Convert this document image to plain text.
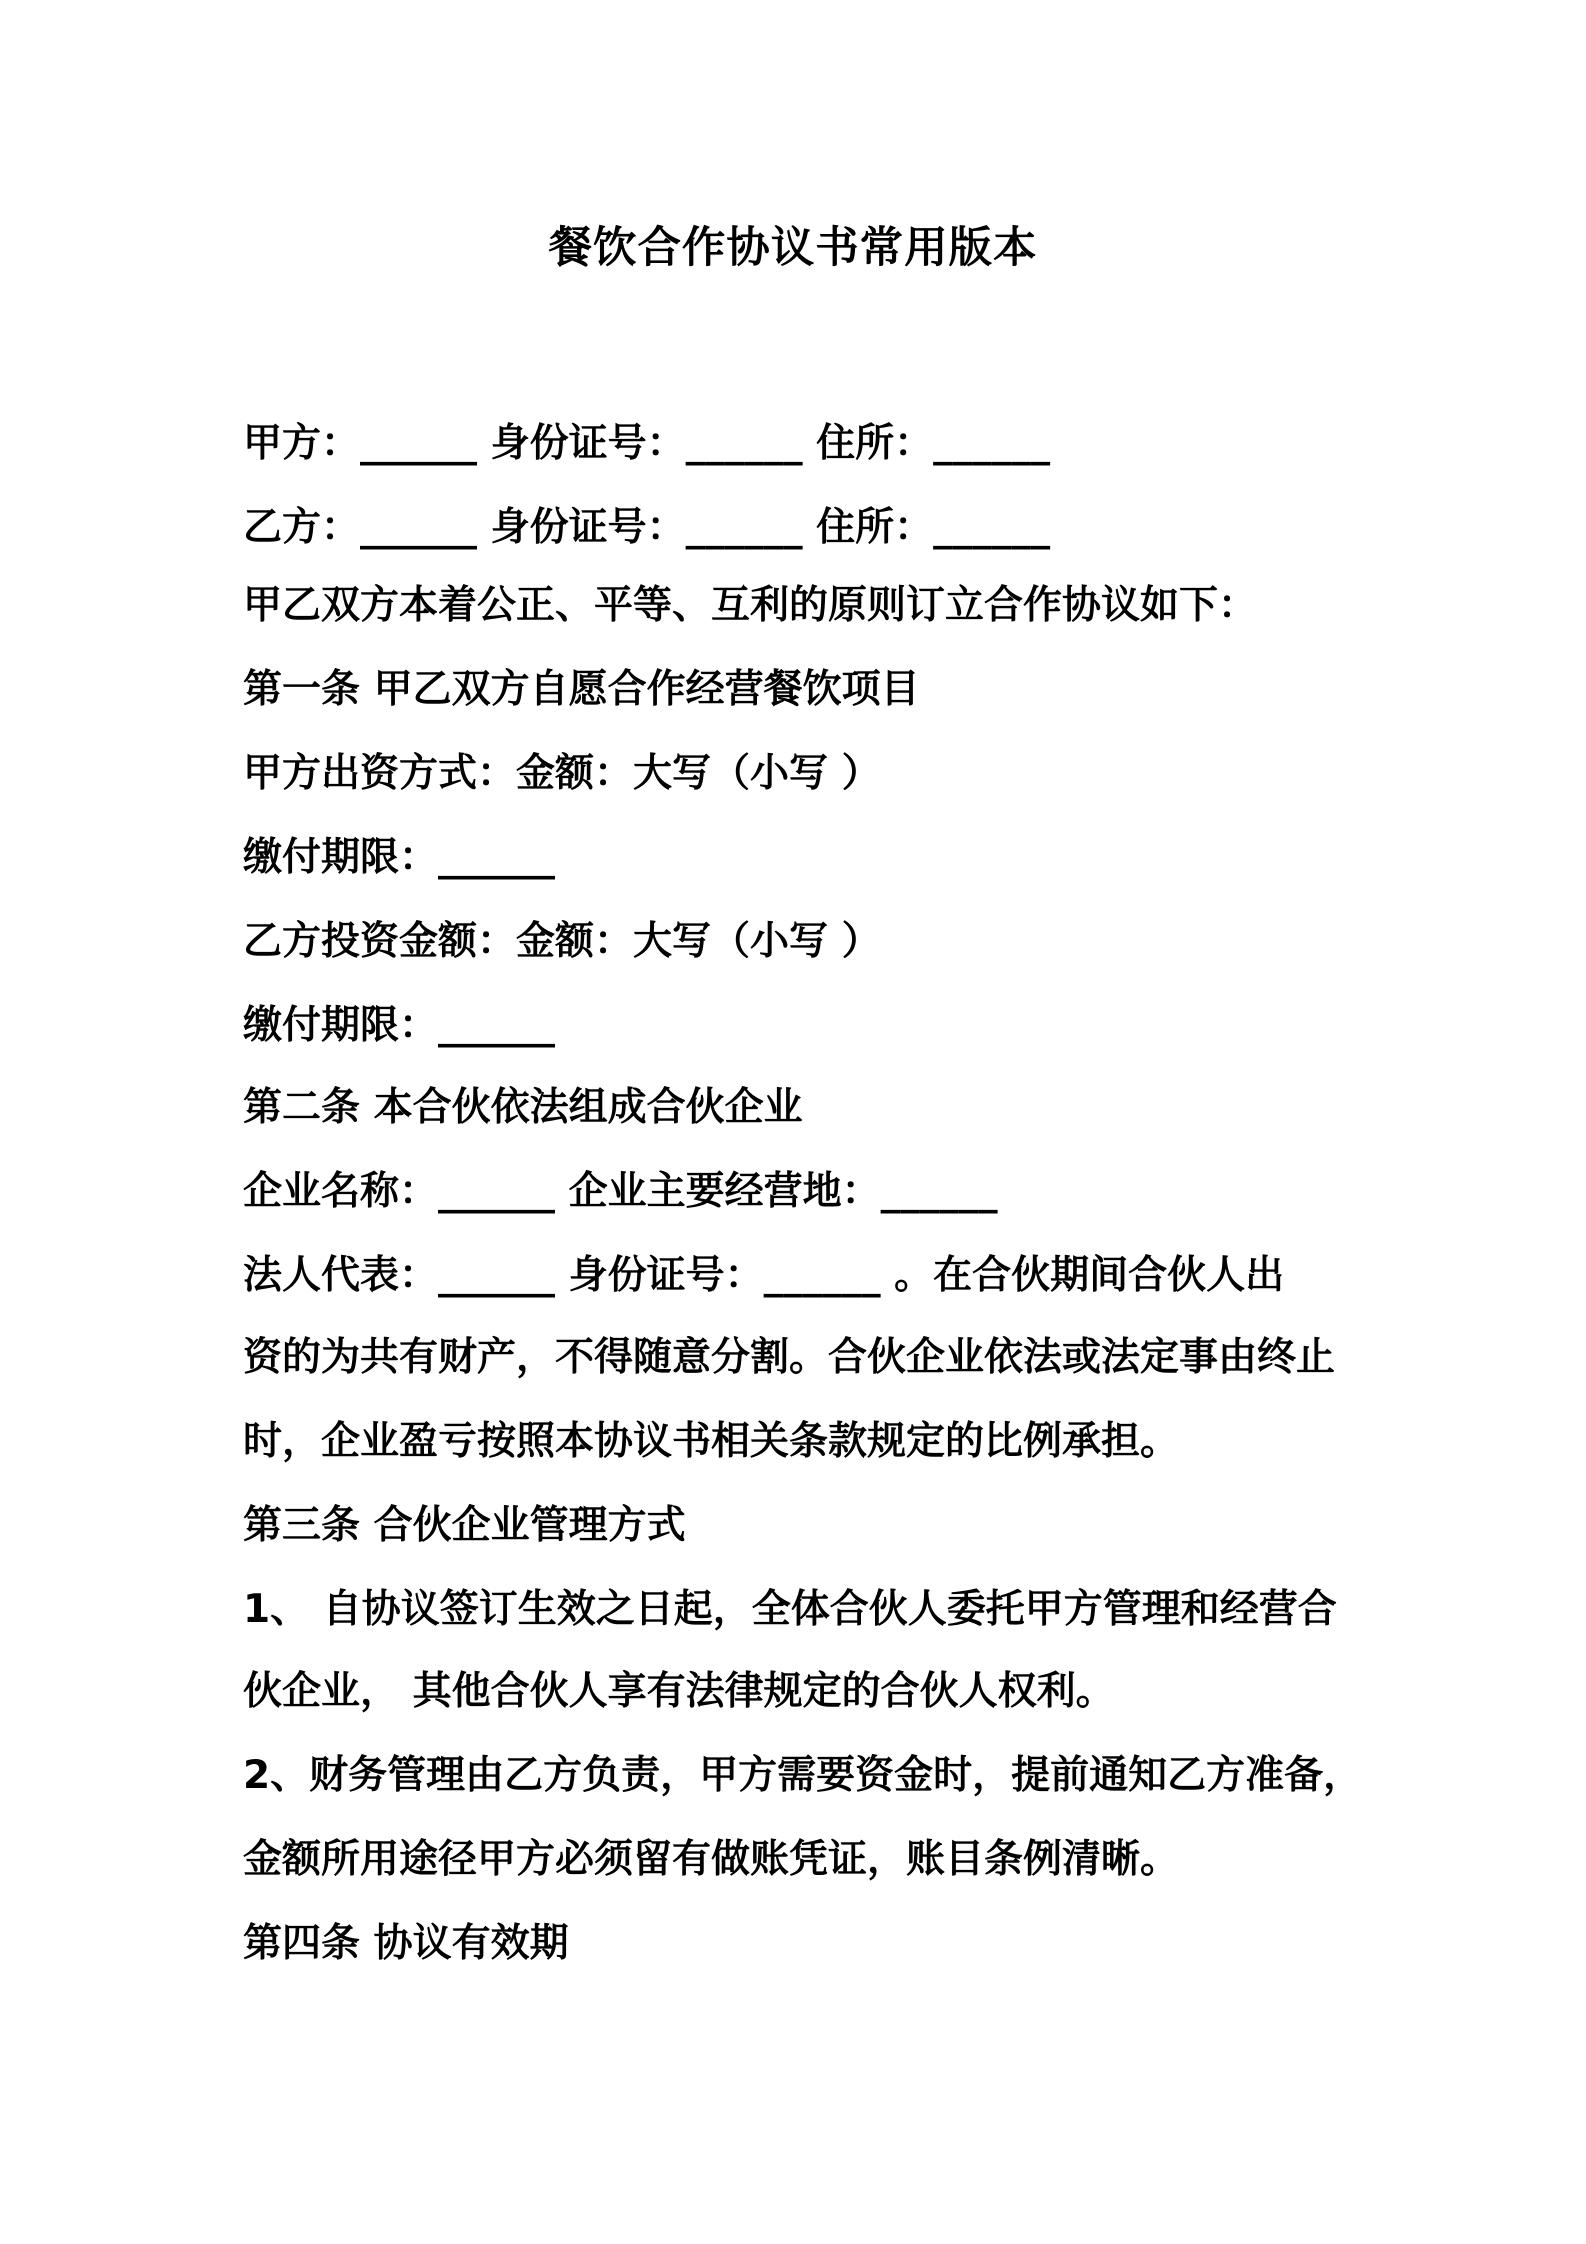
餐饮合作协议书常用版本
甲方：______ 身份证号：______ 住所：______
乙方：______ 身份证号：______ 住所：______
甲乙双方本着公正、平等、互利的原则订立合作协议如下：
第一条 甲乙双方自愿合作经营餐饮项目
甲方出资方式：金额：大写（小写 ）
缴付期限：______
乙方投资金额：金额：大写（小写 ）
缴付期限：______
第二条 本合伙依法组成合伙企业
企业名称：______ 企业主要经营地：______
法人代表：______ 身份证号：______ 。在合伙期间合伙人出
资的为共有财产，不得随意分割。合伙企业依法或法定事由终止
时，企业盈亏按照本协议书相关条款规定的比例承担。
第三条 合伙企业管理方式
1、 自协议签订生效之日起，全体合伙人委托甲方管理和经营合
伙企业， 其他合伙人享有法律规定的合伙人权利。
2、财务管理由乙方负责，甲方需要资金时，提前通知乙方准备，
金额所用途径甲方必须留有做账凭证，账目条例清晰。
第四条 协议有效期
